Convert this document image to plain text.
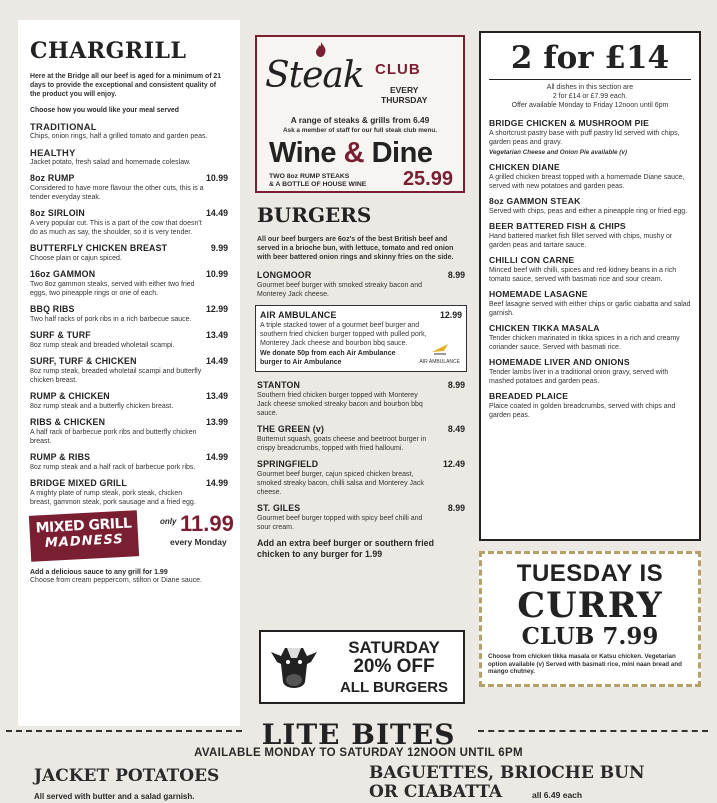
CHARGRILL
Here at the Bridge all our beef is aged for a minimum of 21 days to provide the exceptional and consistent quality of the product you will enjoy.
Choose how you would like your meal served
TRADITIONAL
Chips, onion rings, half a grilled tomato and garden peas.
HEALTHY
Jacket potato, fresh salad and homemade coleslaw.
8oz RUMP	10.99
Considered to have more flavour the other cuts, this is a tender everyday steak.
8oz SIRLOIN	14.49
A very popular cut. This is a part of the cow that doesn't do as much as say, the shoulder, so it is very tender.
BUTTERFLY CHICKEN BREAST	9.99
Choose plain or cajun spiced.
16oz GAMMON	10.99
Two 8oz gammon steaks, served with either two fried eggs, two pineapple rings or one of each.
BBQ RIBS	12.99
Two half racks of pork ribs in a rich barbecue sauce.
SURF & TURF	13.49
8oz rump steak and breaded wholetail scampi.
SURF, TURF & CHICKEN	14.49
8oz rump steak, breaded wholetail scampi and butterfly chicken breast.
RUMP & CHICKEN	13.49
8oz rump steak and a butterfly chicken breast.
RIBS & CHICKEN	13.99
A half rack of barbecue pork ribs and butterfly chicken breast.
RUMP & RIBS	14.99
8oz rump steak and a half rack of barbecue pork ribs.
BRIDGE MIXED GRILL	14.99
A mighty plate of rump steak, pork steak, chicken breast, gammon steak, pork sausage and a fried egg.
MIXED GRILL
MADNESS
only 11.99
every Monday
Add a delicious sauce to any grill for 1.99
Choose from cream peppercorn, stilton or Diane sauce.
Steak CLUB
EVERY
THURSDAY
A range of steaks & grills from 6.49
Ask a member of staff for our full steak club menu.
Wine & Dine
TWO 8oz RUMP STEAKS
& A BOTTLE OF HOUSE WINE 25.99
BURGERS
All our beef burgers are 6oz's of the best British beef and served in a brioche bun, with lettuce, tomato and red onion with beer battered onion rings and skinny fries on the side.
LONGMOOR	8.99
Gourmet beef burger with smoked streaky bacon and Monterey Jack cheese.
AIR AMBULANCE	12.99
A triple stacked tower of a gourmet beef burger and southern fried chicken burger topped with pulled pork, Monterey Jack cheese and bourbon bbq sauce.
We donate 50p from each Air Ambulance burger to Air Ambulance	AIR AMBULANCE
STANTON	8.99
Southern fried chicken burger topped with Monterey Jack cheese smoked streaky bacon and bourbon bbq sauce.
THE GREEN (v)	8.49
Butternut squash, goats cheese and beetroot burger in crispy breadcrumbs, topped with fried halloumi.
SPRINGFIELD	12.49
Gourmet beef burger, cajun spiced chicken breast, smoked streaky bacon, chilli salsa and Monterey Jack cheese.
ST. GILES	8.99
Gourmet beef burger topped with spicy beef chilli and sour cream.
Add an extra beef burger or southern fried chicken to any burger for 1.99
SATURDAY
20% OFF
ALL BURGERS
2 for £14
All dishes in this section are
2 for £14 or £7.99 each.
Offer available Monday to Friday 12noon until 6pm
BRIDGE CHICKEN & MUSHROOM PIE
A shortcrust pastry base with puff pastry lid served with chips, garden peas and gravy.
Vegetarian Cheese and Onion Pie available (v)
CHICKEN DIANE
A grilled chicken breast topped with a homemade Diane sauce, served with new potatoes and garden peas.
8oz GAMMON STEAK
Served with chips, peas and either a pineapple ring or fried egg.
BEER BATTERED FISH & CHIPS
Hand battered market fish fillet served with chips, mushy or garden peas and tartare sauce.
CHILLI CON CARNE
Minced beef with chilli, spices and red kidney beans in a rich tomato sauce, served with basmati rice and sour cream.
HOMEMADE LASAGNE
Beef lasagne served with either chips or garlic ciabatta and salad garnish.
CHICKEN TIKKA MASALA
Tender chicken marinated in tikka spices in a rich and creamy coriander sauce. Served with basmati rice.
HOMEMADE LIVER AND ONIONS
Tender lambs liver in a traditional onion gravy, served with mashed potatoes and garden peas.
BREADED PLAICE
Plaice coated in golden breadcrumbs, served with chips and garden peas.
TUESDAY IS
CURRY
CLUB 7.99
Choose from chicken tikka masala or Katsu chicken. Vegetarian option available (v) Served with basmati rice, mini naan bread and mango chutney.
LITE BITES
AVAILABLE MONDAY TO SATURDAY 12NOON UNTIL 6PM
JACKET POTATOES
All served with butter and a salad garnish.
BAGUETTES, BRIOCHE BUN
OR CIABATTA	all 6.49 each
